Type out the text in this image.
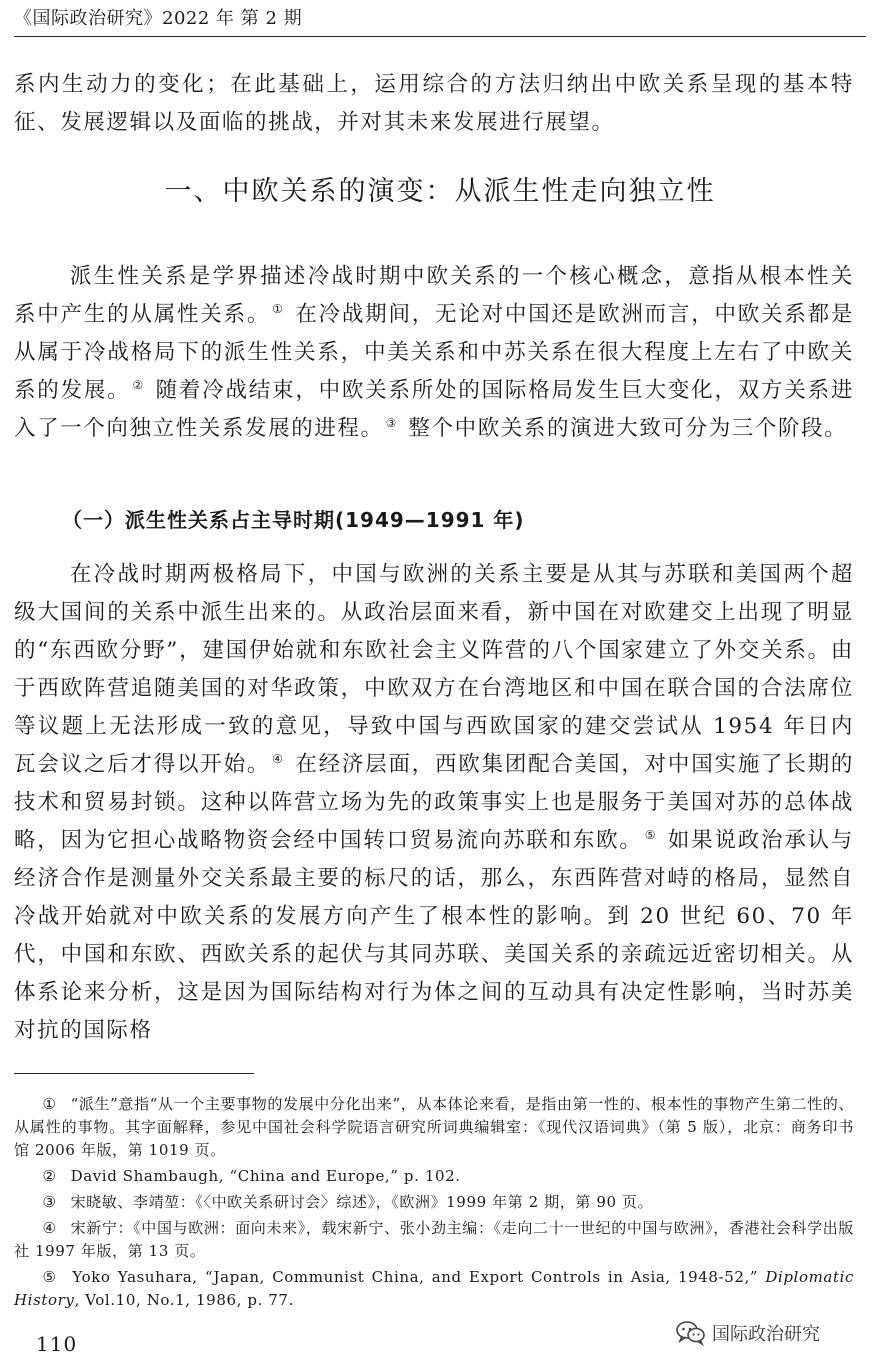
《国际政治研究》2022 年 第 2 期

系内生动力的变化；在此基础上，运用综合的方法归纳出中欧关系呈现的基本特征、发展逻辑以及面临的挑战，并对其未来发展进行展望。

一、中欧关系的演变：从派生性走向独立性

派生性关系是学界描述冷战时期中欧关系的一个核心概念，意指从根本性关系中产生的从属性关系。 ① 在冷战期间，无论对中国还是欧洲而言，中欧关系都是从属于冷战格局下的派生性关系，中美关系和中苏关系在很大程度上左右了中欧关系的发展。 ② 随着冷战结束，中欧关系所处的国际格局发生巨大变化，双方关系进入了一个向独立性关系发展的进程。 ③ 整个中欧关系的演进大致可分为三个阶段。

（一）派生性关系占主导时期(1949—1991 年)

在冷战时期两极格局下，中国与欧洲的关系主要是从其与苏联和美国两个超级大国间的关系中派生出来的。从政治层面来看，新中国在对欧建交上出现了明显的“东西欧分野”，建国伊始就和东欧社会主义阵营的八个国家建立了外交关系。由于西欧阵营追随美国的对华政策，中欧双方在台湾地区和中国在联合国的合法席位等议题上无法形成一致的意见，导致中国与西欧国家的建交尝试从 1954 年日内瓦会议之后才得以开始。 ④ 在经济层面，西欧集团配合美国，对中国实施了长期的技术和贸易封锁。这种以阵营立场为先的政策事实上也是服务于美国对苏的总体战略，因为它担心战略物资会经中国转口贸易流向苏联和东欧。 ⑤ 如果说政治承认与经济合作是测量外交关系最主要的标尺的话，那么，东西阵营对峙的格局，显然自冷战开始就对中欧关系的发展方向产生了根本性的影响。到 20 世纪 60、70 年代，中国和东欧、西欧关系的起伏与其同苏联、美国关系的亲疏远近密切相关。从体系论来分析，这是因为国际结构对行为体之间的互动具有决定性影响，当时苏美对抗的国际格

① “派生”意指“从一个主要事物的发展中分化出来”，从本体论来看，是指由第一性的、根本性的事物产生第二性的、从属性的事物。其字面解释，参见中国社会科学院语言研究所词典编辑室：《现代汉语词典》（第 5 版），北京：商务印书馆 2006 年版，第 1019 页。

② David Shambaugh, “China and Europe,” p. 102.

③ 宋晓敏、李靖堃：《〈中欧关系研讨会〉综述》，《欧洲》1999 年第 2 期，第 90 页。

④ 宋新宁：《中国与欧洲：面向未来》，载宋新宁、张小劲主编：《走向二十一世纪的中国与欧洲》，香港社会科学出版社 1997 年版，第 13 页。

⑤ Yoko Yasuhara, “Japan, Communist China, and Export Controls in Asia, 1948-52,” Diplomatic History, Vol.10, No.1, 1986, p. 77.

110	国际政治研究
